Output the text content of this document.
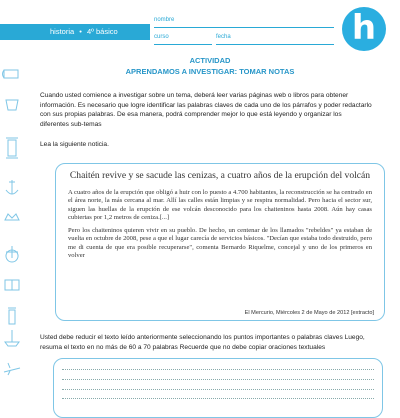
historia • 4º básico
nombre
curso	fecha	h
ACTIVIDAD
APRENDAMOS A INVESTIGAR: TOMAR NOTAS
Cuando usted comience a investigar sobre un tema, deberá leer varias páginas web o libros para obtener información. Es necesario que logre identificar las palabras claves de cada uno de los párrafos y poder redactarlo con sus propias palabras. De esa manera, podrá comprender mejor lo que está leyendo y organizar los diferentes sub-temas
Lea la siguiente noticia.

Chaitén revive y se sacude las cenizas, a cuatro años de la erupción del volcán

A cuatro años de la erupción que obligó a huir con lo puesto a 4.700 habitantes, la reconstrucción se ha centrado en el área norte, la más cercana al mar. Allí las calles están limpias y se respira normalidad. Pero hacia el sector sur, siguen las huellas de la erupción de ese volcán desconocido para los chaiteninos hasta 2008. Aún hay casas cubiertas por 1,2 metros de ceniza.[...]

Pero los chaiteninos quieren vivir en su pueblo. De hecho, un centenar de los llamados "rebeldes" ya estaban de vuelta en octubre de 2008, pese a que el lugar carecía de servicios básicos. "Decían que estaba todo destruido, pero me di cuenta de que era posible recuperarse", comenta Bernardo Riquelme, concejal y uno de los primeros en volver

El Mercurio, Miércoles 2 de Mayo de 2012 [extracto]
Usted debe reducir el texto leído anteriormente seleccionando los puntos importantes o palabras claves Luego, resuma el texto en no más de 60 a 70 palabras Recuerde que no debe copiar oraciones textuales
